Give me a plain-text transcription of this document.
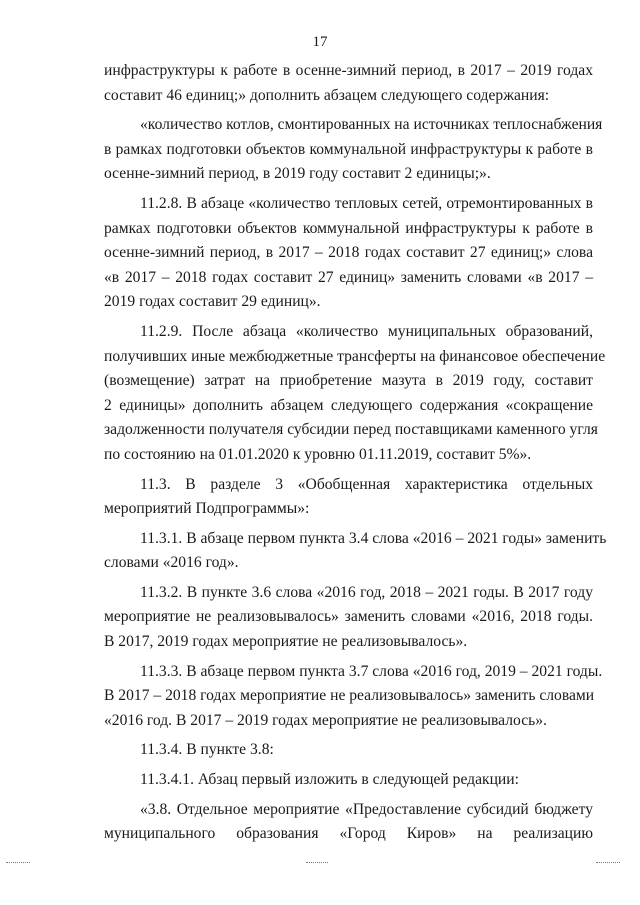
17

инфраструктуры к работе в осенне-зимний период, в 2017 – 2019 годах
составит 46 единиц;» дополнить абзацем следующего содержания:

«количество котлов, смонтированных на источниках теплоснабжения
в рамках подготовки объектов коммунальной инфраструктуры к работе в
осенне-зимний период, в 2019 году составит 2 единицы;».

11.2.8. В абзаце «количество тепловых сетей, отремонтированных в
рамках подготовки объектов коммунальной инфраструктуры к работе в
осенне-зимний период, в 2017 – 2018 годах составит 27 единиц;» слова
«в 2017 – 2018 годах составит 27 единиц» заменить словами «в 2017 –
2019 годах составит 29 единиц».

11.2.9. После абзаца «количество муниципальных образований,
получивших иные межбюджетные трансферты на финансовое обеспечение
(возмещение) затрат на приобретение мазута в 2019 году, составит
2 единицы» дополнить абзацем следующего содержания «сокращение
задолженности получателя субсидии перед поставщиками каменного угля
по состоянию на 01.01.2020 к уровню 01.11.2019, составит 5%».

11.3. В разделе 3 «Обобщенная характеристика отдельных
мероприятий Подпрограммы»:

11.3.1. В абзаце первом пункта 3.4 слова «2016 – 2021 годы» заменить
словами «2016 год».

11.3.2. В пункте 3.6 слова «2016 год, 2018 – 2021 годы. В 2017 году
мероприятие не реализовывалось» заменить словами «2016, 2018 годы.
В 2017, 2019 годах мероприятие не реализовывалось».

11.3.3. В абзаце первом пункта 3.7 слова «2016 год, 2019 – 2021 годы.
В 2017 – 2018 годах мероприятие не реализовывалось» заменить словами
«2016 год. В 2017 – 2019 годах мероприятие не реализовывалось».

11.3.4. В пункте 3.8:

11.3.4.1. Абзац первый изложить в следующей редакции:

«3.8. Отдельное мероприятие «Предоставление субсидий бюджету
муниципального образования «Город Киров» на реализацию
